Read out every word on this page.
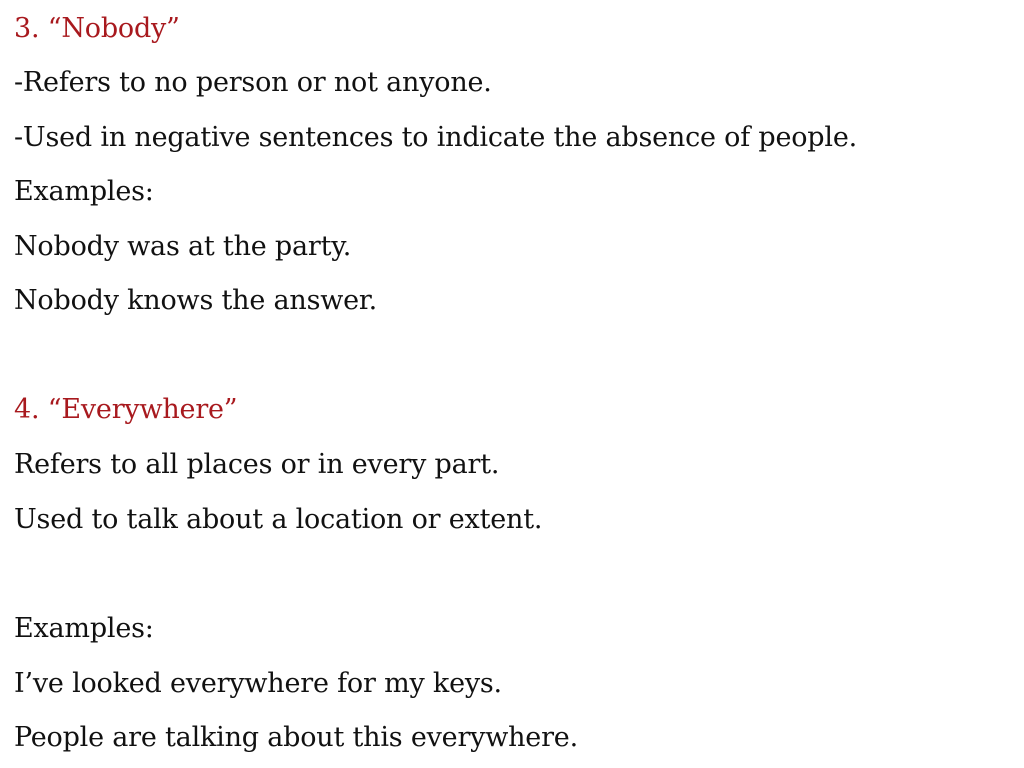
3. “Nobody”
-Refers to no person or not anyone.
-Used in negative sentences to indicate the absence of people.
Examples:
Nobody was at the party.
Nobody knows the answer.
4. “Everywhere”
Refers to all places or in every part.
Used to talk about a location or extent.
Examples:
I’ve looked everywhere for my keys.
People are talking about this everywhere.
